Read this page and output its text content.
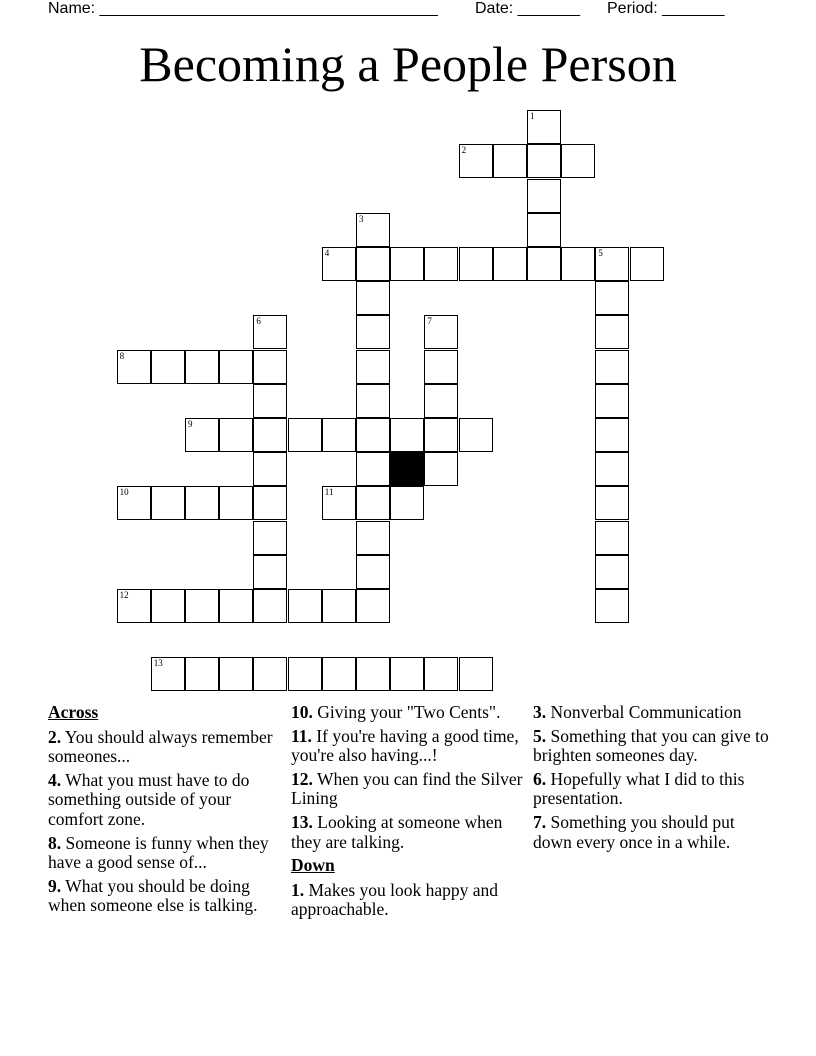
Name: ______________________________________ Date: _______ Period: _______
Becoming a People Person
1
2
3
4	5
6	7
8
9
10	11
12
13
Across
2. You should always remember someones...
4. What you must have to do something outside of your comfort zone.
8. Someone is funny when they have a good sense of...
9. What you should be doing when someone else is talking.
10. Giving your "Two Cents".
11. If you're having a good time, you're also having...!
12. When you can find the Silver Lining
13. Looking at someone when they are talking.
Down
1. Makes you look happy and approachable.
3. Nonverbal Communication
5. Something that you can give to brighten someones day.
6. Hopefully what I did to this presentation.
7. Something you should put down every once in a while.
